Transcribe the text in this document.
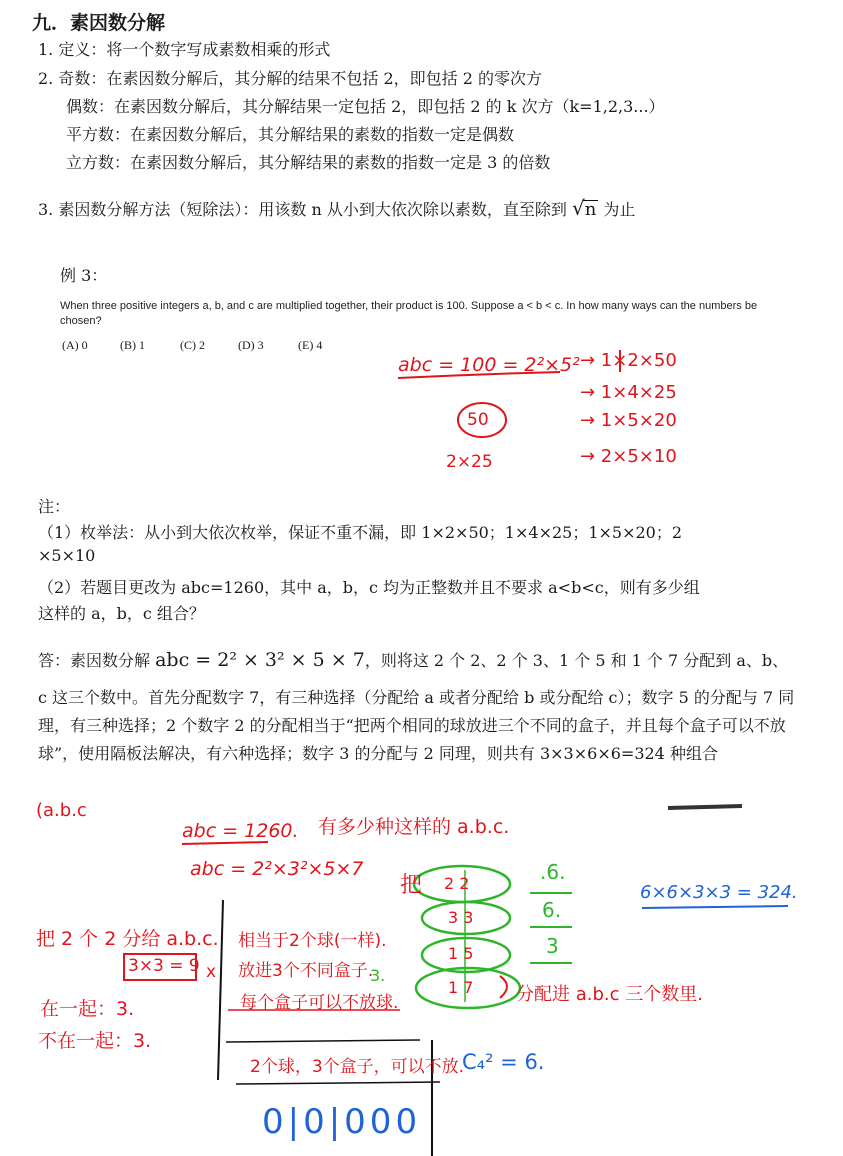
九．素因数分解
1. 定义：将一个数字写成素数相乘的形式
2. 奇数：在素因数分解后，其分解的结果不包括 2，即包括 2 的零次方
偶数：在素因数分解后，其分解结果一定包括 2，即包括 2 的 k 次方（k=1,2,3...）
平方数：在素因数分解后，其分解结果的素数的指数一定是偶数
立方数：在素因数分解后，其分解结果的素数的指数一定是 3 的倍数
3. 素因数分解方法（短除法）：用该数 n 从小到大依次除以素数，直至除到 √n 为止
例 3：
When three positive integers a, b, and c are multiplied together, their product is 100. Suppose a < b < c. In how many ways can the numbers be
chosen?
(A) 0	(B) 1	(C) 2	(D) 3	(E) 4
abc = 100 = 2²×5² → 1×2×50
→ 1×4×25
→ 1×5×20
→ 2×5×10
50
2×25
注：
（1）枚举法：从小到大依次枚举，保证不重不漏，即 1×2×50；1×4×25；1×5×20；2
×5×10
（2）若题目更改为 abc=1260，其中 a，b，c 均为正整数并且不要求 a<b<c，则有多少组
这样的 a，b，c 组合？
答：素因数分解 abc = 2² × 3² × 5 × 7，则将这 2 个 2、2 个 3、1 个 5 和 1 个 7 分配到 a、b、
c 这三个数中。首先分配数字 7，有三种选择（分配给 a 或者分配给 b 或分配给 c）；数字 5 的分配与 7 同理，有三种选择；2 个数字 2 的分配相当于“把两个相同的球放进三个不同的盒子，并且每个盒子可以不放球”，使用隔板法解决，有六种选择；数字 3 的分配与 2 同理，则共有 3×3×6×6=324 种组合
(a.b.c
abc = 1260. 有多少种这样的 a.b.c.
abc = 2²×3²×5×7
把 2 2
3 3
1 5
1 7
.6.
6.
3
6×6×3×3 = 324.
分配进 a.b.c 三个数里.
把 2 个 2 分给 a.b.c.
3×3 = 9 x
在一起：3.
不在一起：3.
相当于2个球(一样).
放进3个不同盒子.
每个盒子可以不放球.
3.
2个球，3个盒子，可以不放.
C₄² = 6.
0|0|000
